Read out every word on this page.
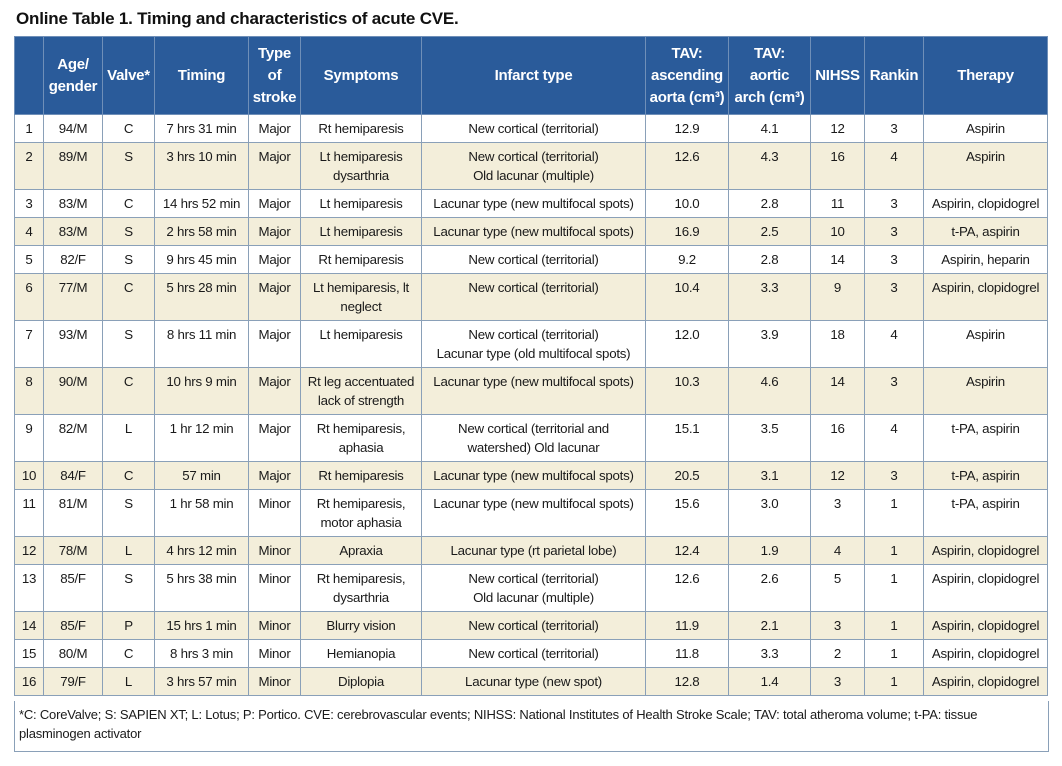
Online Table 1. Timing and characteristics of acute CVE.

	Age/
gender	Valve*	Timing	Type
of
stroke	Symptoms	Infarct type	TAV:
ascending
aorta (cm³)	TAV:
aortic
arch (cm³)	NIHSS	Rankin	Therapy

1	94/M	C	7 hrs 31 min	Major	Rt hemiparesis	New cortical (territorial)	12.9	4.1	12	3	Aspirin
2	89/M	S	3 hrs 10 min	Major	Lt hemiparesis
dysarthria	New cortical (territorial)
Old lacunar (multiple)	12.6	4.3	16	4	Aspirin
3	83/M	C	14 hrs 52 min	Major	Lt hemiparesis	Lacunar type (new multifocal spots)	10.0	2.8	11	3	Aspirin, clopidogrel
4	83/M	S	2 hrs 58 min	Major	Lt hemiparesis	Lacunar type (new multifocal spots)	16.9	2.5	10	3	t-PA, aspirin
5	82/F	S	9 hrs 45 min	Major	Rt hemiparesis	New cortical (territorial)	9.2	2.8	14	3	Aspirin, heparin
6	77/M	C	5 hrs 28 min	Major	Lt hemiparesis, lt
neglect	New cortical (territorial)	10.4	3.3	9	3	Aspirin, clopidogrel
7	93/M	S	8 hrs 11 min	Major	Lt hemiparesis	New cortical (territorial)
Lacunar type (old multifocal spots)	12.0	3.9	18	4	Aspirin
8	90/M	C	10 hrs 9 min	Major	Rt leg accentuated
lack of strength	Lacunar type (new multifocal spots)	10.3	4.6	14	3	Aspirin
9	82/M	L	1 hr 12 min	Major	Rt hemiparesis,
aphasia	New cortical (territorial and
watershed) Old lacunar	15.1	3.5	16	4	t-PA, aspirin
10	84/F	C	57 min	Major	Rt hemiparesis	Lacunar type (new multifocal spots)	20.5	3.1	12	3	t-PA, aspirin
11	81/M	S	1 hr 58 min	Minor	Rt hemiparesis,
motor aphasia	Lacunar type (new multifocal spots)	15.6	3.0	3	1	t-PA, aspirin
12	78/M	L	4 hrs 12 min	Minor	Apraxia	Lacunar type (rt parietal lobe)	12.4	1.9	4	1	Aspirin, clopidogrel
13	85/F	S	5 hrs 38 min	Minor	Rt hemiparesis,
dysarthria	New cortical (territorial)
Old lacunar (multiple)	12.6	2.6	5	1	Aspirin, clopidogrel
14	85/F	P	15 hrs 1 min	Minor	Blurry vision	New cortical (territorial)	11.9	2.1	3	1	Aspirin, clopidogrel
15	80/M	C	8 hrs 3 min	Minor	Hemianopia	New cortical (territorial)	11.8	3.3	2	1	Aspirin, clopidogrel
16	79/F	L	3 hrs 57 min	Minor	Diplopia	Lacunar type (new spot)	12.8	1.4	3	1	Aspirin, clopidogrel
*C: CoreValve; S: SAPIEN XT; L: Lotus; P: Portico. CVE: cerebrovascular events; NIHSS: National Institutes of Health Stroke Scale; TAV: total atheroma volume; t-PA: tissue
plasminogen activator
